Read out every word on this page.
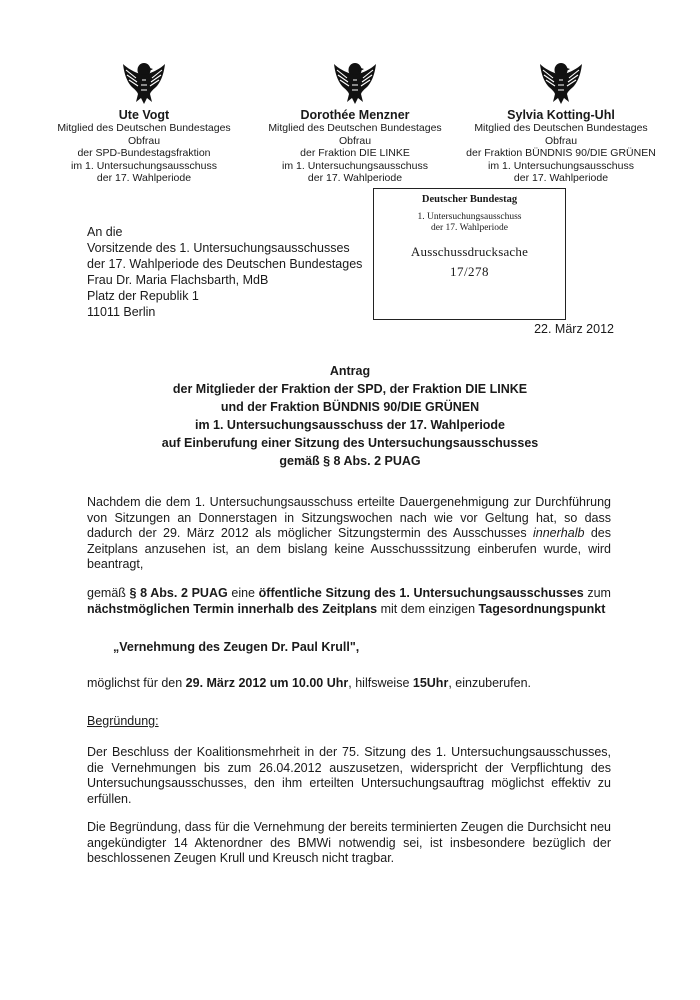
Ute Vogt
Mitglied des Deutschen Bundestages
Obfrau
der SPD-Bundestagsfraktion
im 1. Untersuchungsausschuss
der 17. Wahlperiode
Dorothée Menzner
Mitglied des Deutschen Bundestages
Obfrau
der Fraktion DIE LINKE
im 1. Untersuchungsausschuss
der 17. Wahlperiode
Sylvia Kotting-Uhl
Mitglied des Deutschen Bundestages
Obfrau
der Fraktion BÜNDNIS 90/DIE GRÜNEN
im 1. Untersuchungsausschuss
der 17. Wahlperiode
Deutscher Bundestag
1. Untersuchungsausschuss
der 17. Wahlperiode
Ausschussdrucksache
17/278
An die
Vorsitzende des 1. Untersuchungsausschusses
der 17. Wahlperiode des Deutschen Bundestages
Frau Dr. Maria Flachsbarth, MdB
Platz der Republik 1
11011 Berlin
22. März 2012
Antrag
der Mitglieder der Fraktion der SPD, der Fraktion DIE LINKE
und der Fraktion BÜNDNIS 90/DIE GRÜNEN
im 1. Untersuchungsausschuss der 17. Wahlperiode
auf Einberufung einer Sitzung des Untersuchungsausschusses
gemäß § 8 Abs. 2 PUAG
Nachdem die dem 1. Untersuchungsausschuss erteilte Dauergenehmigung zur Durchführung von Sitzungen an Donnerstagen in Sitzungswochen nach wie vor Geltung hat, so dass dadurch der 29. März 2012 als möglicher Sitzungstermin des Ausschusses innerhalb des Zeitplans anzusehen ist, an dem bislang keine Ausschusssitzung einberufen wurde, wird beantragt,
gemäß § 8 Abs. 2 PUAG eine öffentliche Sitzung des 1. Untersuchungsausschusses zum nächstmöglichen Termin innerhalb des Zeitplans mit dem einzigen Tagesordnungspunkt
„Vernehmung des Zeugen Dr. Paul Krull",
möglichst für den 29. März 2012 um 10.00 Uhr, hilfsweise 15Uhr, einzuberufen.
Begründung:
Der Beschluss der Koalitionsmehrheit in der 75. Sitzung des 1. Untersuchungsausschusses, die Vernehmungen bis zum 26.04.2012 auszusetzen, widerspricht der Verpflichtung des Untersuchungsausschusses, den ihm erteilten Untersuchungsauftrag möglichst effektiv zu erfüllen.
Die Begründung, dass für die Vernehmung der bereits terminierten Zeugen die Durchsicht neu angekündigter 14 Aktenordner des BMWi notwendig sei, ist insbesondere bezüglich der beschlossenen Zeugen Krull und Kreusch nicht tragbar.
